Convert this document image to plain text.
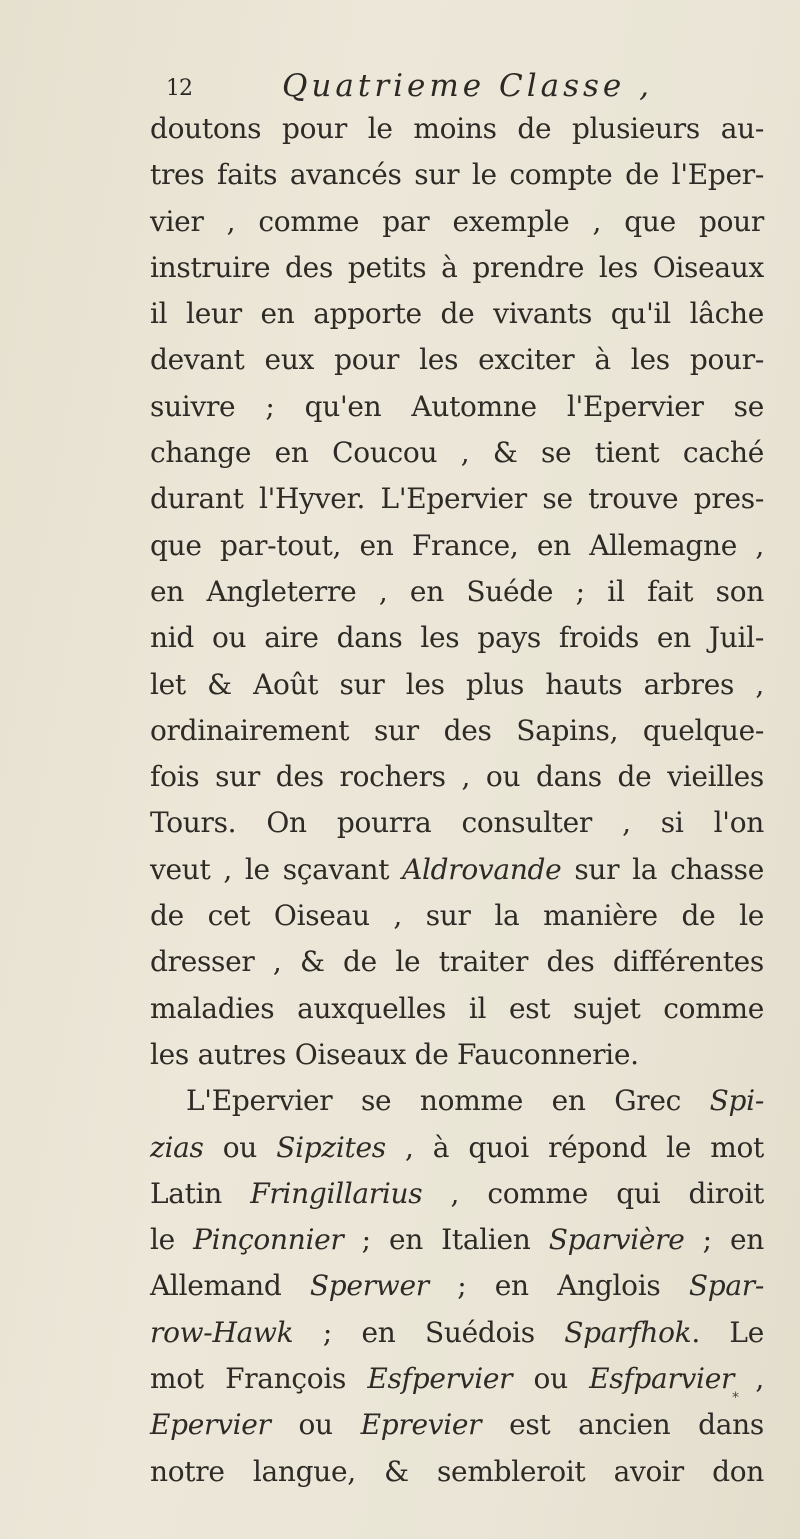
12	Quatrieme Classe ,
doutons pour le moins de plusieurs au-
tres faits avancés sur le compte de l'Eper-
vier , comme par exemple , que pour
instruire des petits à prendre les Oiseaux
il leur en apporte de vivants qu'il lâche
devant eux pour les exciter à les pour-
suivre ; qu'en Automne l'Epervier se
change en Coucou , & se tient caché
durant l'Hyver. L'Epervier se trouve pres-
que par-tout, en France, en Allemagne ,
en Angleterre , en Suéde ; il fait son
nid ou aire dans les pays froids en Juil-
let & Août sur les plus hauts arbres ,
ordinairement sur des Sapins, quelque-
fois sur des rochers , ou dans de vieilles
Tours. On pourra consulter , si l'on
veut , le sçavant Aldrovande sur la chasse
de cet Oiseau , sur la manière de le
dresser , & de le traiter des différentes
maladies auxquelles il est sujet comme
les autres Oiseaux de Fauconnerie.
L'Epervier se nomme en Grec Spi-
zias ou Sipzites , à quoi répond le mot
Latin Fringillarius , comme qui diroit
le Pinçonnier ; en Italien Sparvière ; en
Allemand Sperwer ; en Anglois Spar-
row-Hawk ; en Suédois Sparfhok. Le
mot François Esfpervier ou Esfparvier ,
Epervier ou Eprevier est ancien dans
notre langue, & sembleroit avoir don
*
